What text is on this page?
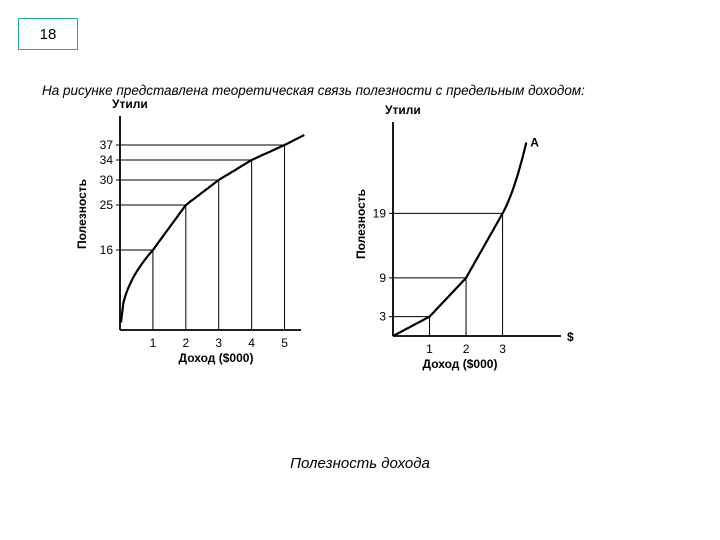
18
На рисунке представлена теоретическая связь полезности с предельным доходом:
1 2 3 4 5
16
25
30
34
37
Доход ($000)
Утили
Полезность
1 2 3
3
9
19
Доход ($000)
Утили
Полезность
$
A
Полезность дохода
